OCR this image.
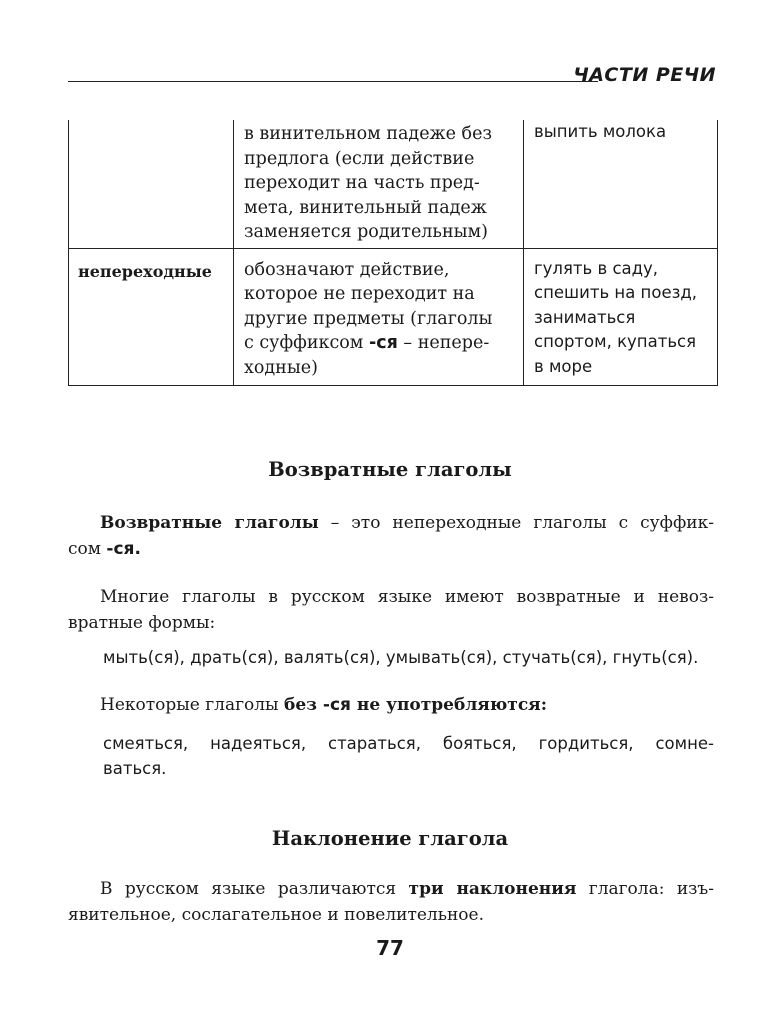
ЧАСТИ РЕЧИ

	в винительном падеже без
предлога (если действие
переходит на часть пред-
мета, винительный падеж
заменяется родительным)	выпить молока

непереходные	обозначают действие,
которое не переходит на
другие предметы (глаголы
с суффиксом -ся – непере-
ходные)	гулять в саду,
спешить на поезд,
заниматься
спортом, купаться
в море
Возвратные глаголы
Возвратные глаголы – это непереходные глаголы с суффик-
сом -ся.
Многие глаголы в русском языке имеют возвратные и невоз-
вратные формы:
мыть(ся), драть(ся), валять(ся), умывать(ся), стучать(ся), гнуть(ся).
Некоторые глаголы без -ся не употребляются:
смеяться, надеяться, стараться, бояться, гордиться, сомне-
ваться.
Наклонение глагола
В русском языке различаются три наклонения глагола: изъ-
явительное, сослагательное и повелительное.
77
